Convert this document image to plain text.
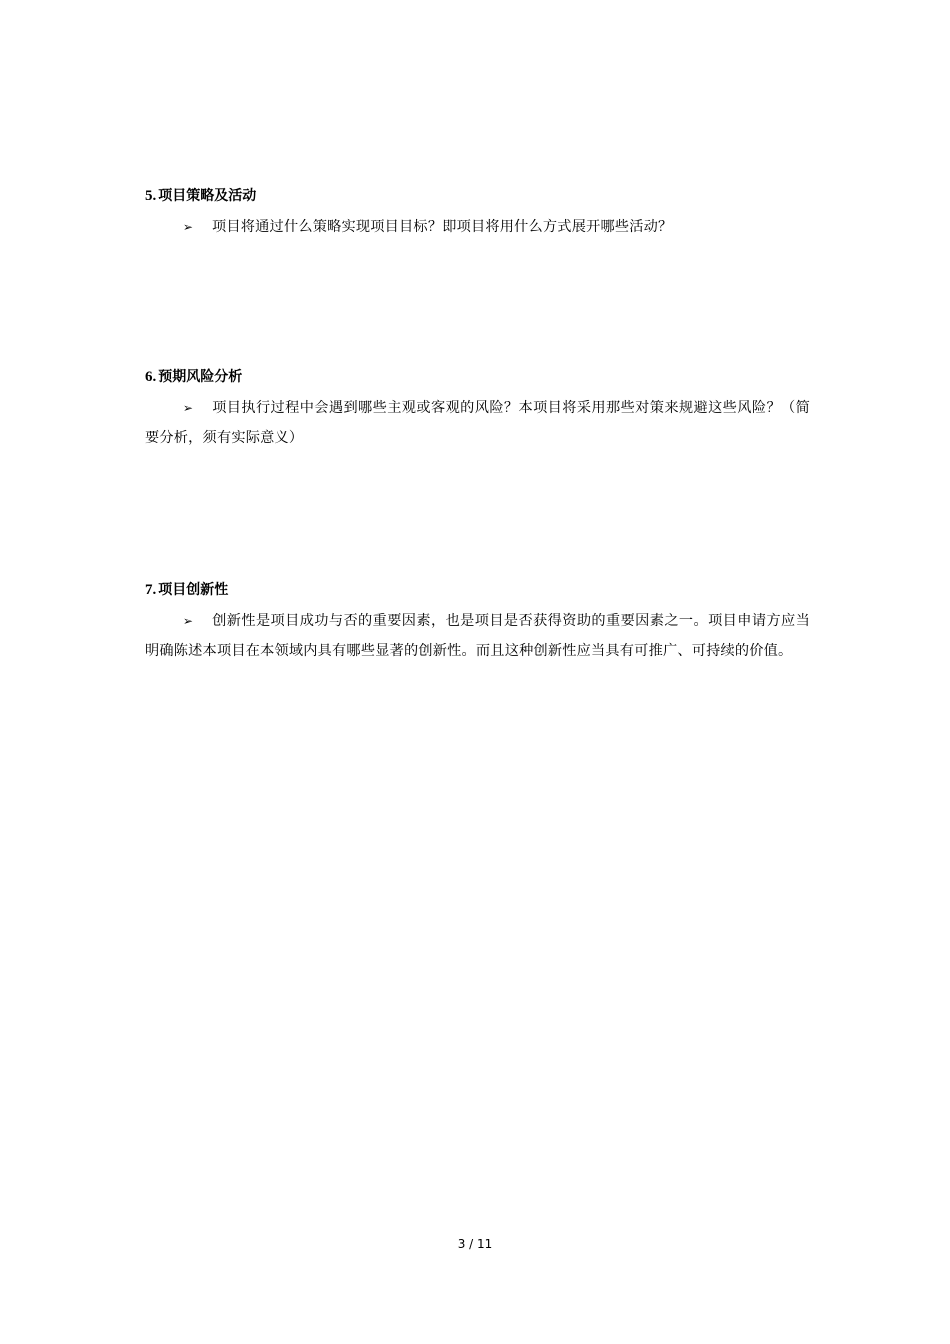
5 . 项目策略及活动
➢ 项目将通过什么策略实现项目目标？即项目将用什么方式展开哪些活动？
6 . 预期风险分析
➢ 项目执行过程中会遇到哪些主观或客观的风险？本项目将采用那些对策来规避这些风险？（简要分析，须有实际意义）
7 . 项目创新性
➢ 创新性是项目成功与否的重要因素，也是项目是否获得资助的重要因素之一。项目申请方应当明确陈述本项目在本领域内具有哪些显著的创新性。而且这种创新性应当具有可推广、可持续的价值。
3 / 11
